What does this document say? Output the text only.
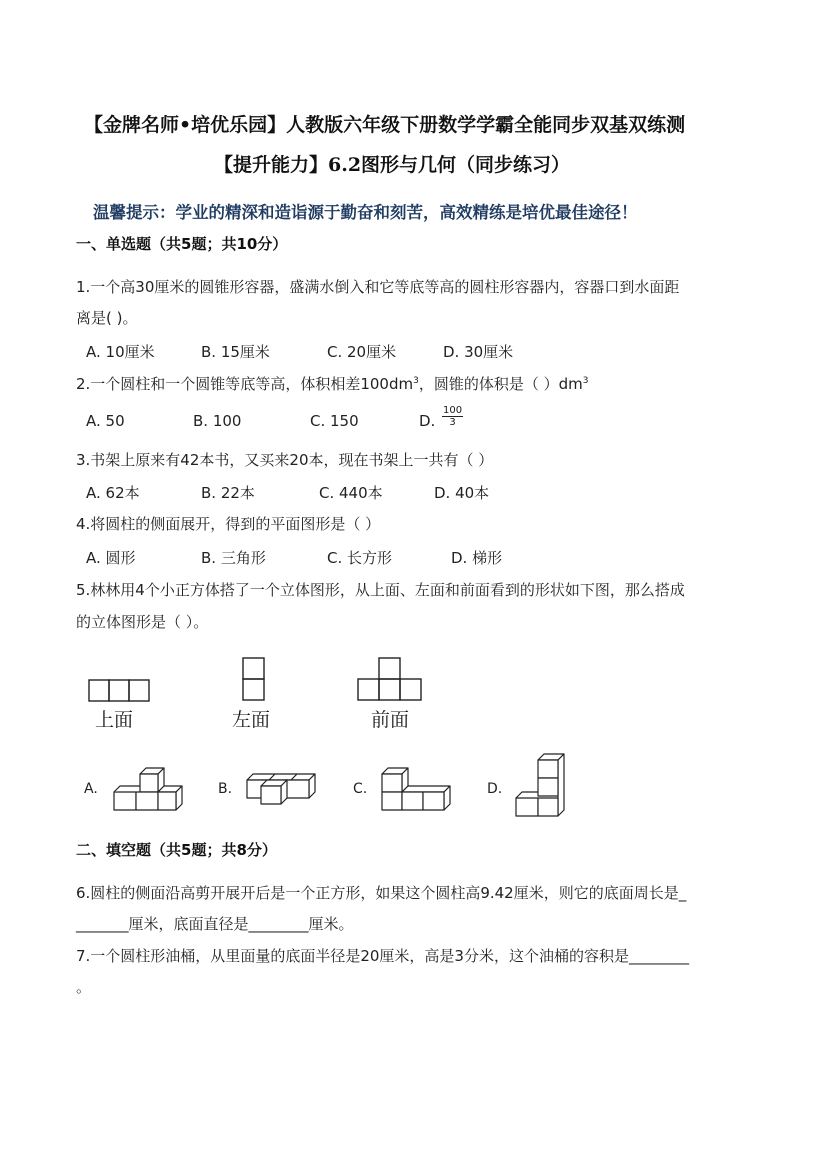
【金牌名师•培优乐园】人教版六年级下册数学学霸全能同步双基双练测
【提升能力】6.2图形与几何（同步练习）
温馨提示：学业的精深和造诣源于勤奋和刻苦，高效精练是培优最佳途径！
一、单选题（共5题；共10分）
1.一个高30厘米的圆锥形容器，盛满水倒入和它等底等高的圆柱形容器内，容器口到水面距
离是( )。
A. 10厘米	B. 15厘米	C. 20厘米	D. 30厘米
2.一个圆柱和一个圆锥等底等高，体积相差$100dm^3$，圆锥的体积是（ ）$dm^3$
A. 50	B. 100	C. 150	D. $\frac{100}{3}$
3.书架上原来有42本书，又买来20本，现在书架上一共有（ ）
A. 62本	B. 22本	C. 440本	D. 40本
4.将圆柱的侧面展开，得到的平面图形是（ ）
A. 圆形	B. 三角形	C. 长方形	D. 梯形
5.林林用4个小正方体搭了一个立体图形，从上面、左面和前面看到的形状如下图，那么搭成
的立体图形是（ ）。
上面	左面	前面
A.	B.	C.	D.
二、填空题（共5题；共8分）
6.圆柱的侧面沿高剪开展开后是一个正方形，如果这个圆柱高9.42厘米，则它的底面周长是_
_______厘米，底面直径是________厘米。
7.一个圆柱形油桶，从里面量的底面半径是20厘米，高是3分米，这个油桶的容积是________
。
